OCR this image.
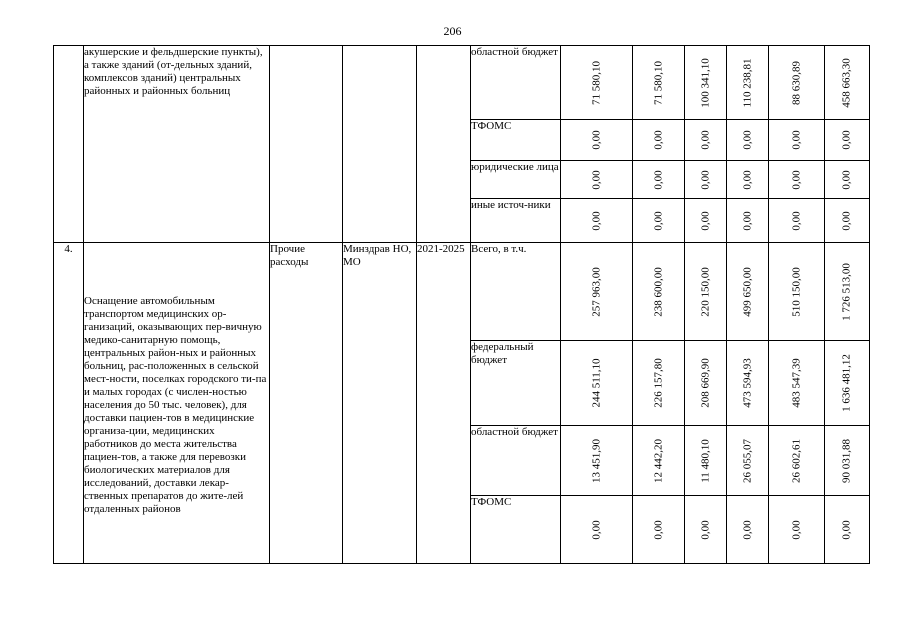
206
	акушерские и фельдшерские пункты), а также зданий (от-дельных зданий, комплексов зданий) центральных районных и районных больниц				областной бюджет	71 580,10	71 580,10	100 341,10	110 238,81	88 630,89	458 663,30

					ТФОМС	0,00	0,00	0,00	0,00	0,00	0,00

					юридические лица	0,00	0,00	0,00	0,00	0,00	0,00

					иные источ-ники	0,00	0,00	0,00	0,00	0,00	0,00

4.	Оснащение автомобильным транспортом медицинских ор-ганизаций, оказывающих пер-вичную медико-санитарную помощь, центральных район-ных и районных больниц, рас-положенных в сельской мест-ности, поселках городского ти-па и малых городах (с числен-ностью населения до 50 тыс. человек), для доставки пациен-тов в медицинские организа-ции, медицинских работников до места жительства пациен-тов, а также для перевозки биологических материалов для исследований, доставки лекар-ственных препаратов до жите-лей отдаленных районов	Прочие расходы	Минздрав НО, МО	2021-2025	Всего, в т.ч.	257 963,00	238 600,00	220 150,00	499 650,00	510 150,00	1 726 513,00

					федеральный бюджет	244 511,10	226 157,80	208 669,90	473 594,93	483 547,39	1 636 481,12

					областной бюджет	13 451,90	12 442,20	11 480,10	26 055,07	26 602,61	90 031,88

					ТФОМС	0,00	0,00	0,00	0,00	0,00	0,00
